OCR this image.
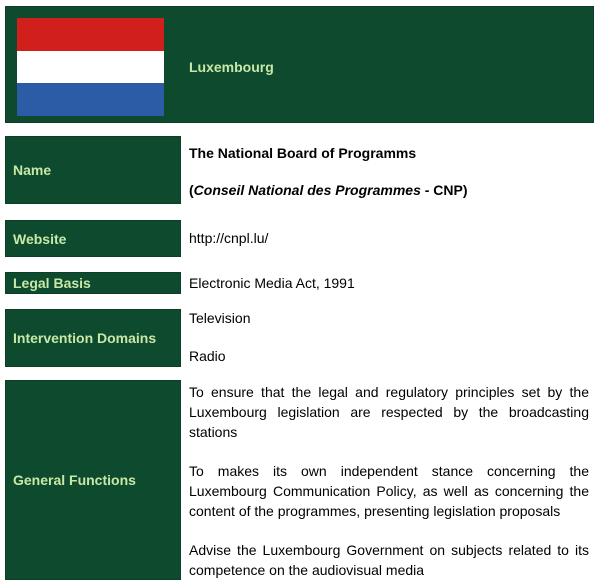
Luxembourg
Name
The National Board of Programms
(Conseil National des Programmes - CNP)
Website	http://cnpl.lu/
Legal Basis	Electronic Media Act, 1991
Intervention Domains
Television
Radio
General Functions
To ensure that the legal and regulatory principles set by the Luxembourg legislation are respected by the broadcasting stations
To makes its own independent stance concerning the Luxembourg Communication Policy, as well as concerning the content of the programmes, presenting legislation proposals
Advise the Luxembourg Government on subjects related to its competence on the audiovisual media
